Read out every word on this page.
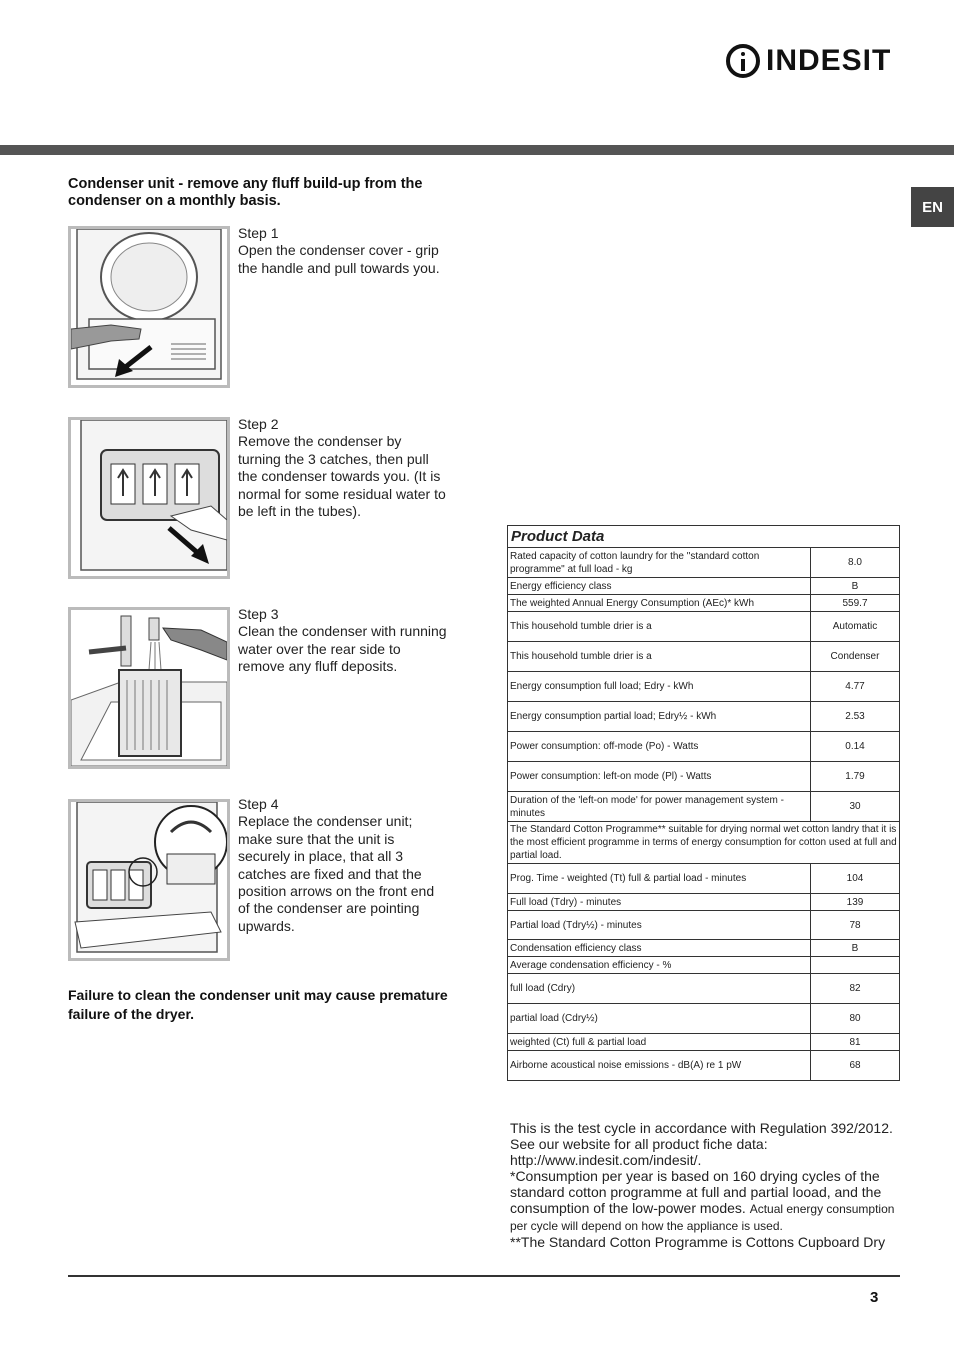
INDESIT
EN
Condenser unit - remove any fluff build-up from the condenser on a monthly basis.
Step 1
Open the condenser cover - grip the handle and pull towards you.
Step 2
Remove the condenser by turning the 3 catches, then pull the condenser towards you. (It is normal for some residual water to be left in the tubes).
Step 3
Clean the condenser with running water over the rear side to remove any fluff deposits.
Step 4
Replace the condenser unit; make sure that the unit is securely in place, that all 3 catches are fixed and that the position arrows on the front end of the condenser are pointing upwards.
Failure to clean the condenser unit may cause premature failure of the dryer.
Product Data	
Rated capacity of cotton laundry for the "standard cotton programme" at full load - kg	8.0
Energy efficiency class	B
The weighted Annual Energy Consumption (AEc)* kWh	559.7
This household tumble drier is a	Automatic
This household tumble drier is a	Condenser
Energy consumption full load; Edry - kWh	4.77
Energy consumption partial load; Edry½ - kWh	2.53
Power consumption: off-mode (Po) - Watts	0.14
Power consumption: left-on mode (Pl) - Watts	1.79
Duration of the 'left-on mode' for power management system - minutes	30
The Standard Cotton Programme** suitable for drying normal wet cotton landry that it is the most efficient programme in terms of energy consumption for cotton used at full and partial load.	
Prog. Time - weighted (Tt) full & partial load - minutes	104
Full load (Tdry) - minutes	139
Partial load (Tdry½) - minutes	78
Condensation efficiency class	B
Average condensation efficiency - %	
full load (Cdry)	82
partial load (Cdry½)	80
weighted (Ct) full & partial load	81
Airborne acoustical noise emissions - dB(A) re 1 pW	68
This is the test cycle in accordance with Regulation 392/2012. See our website for all product fiche data: http://www.indesit.com/indesit/.
*Consumption per year is based on 160 drying cycles of the standard cotton programme at full and partial looad, and the consumption of the low-power modes. Actual energy consumption per cycle will depend on how the appliance is used.
**The Standard Cotton Programme is Cottons Cupboard Dry
3
